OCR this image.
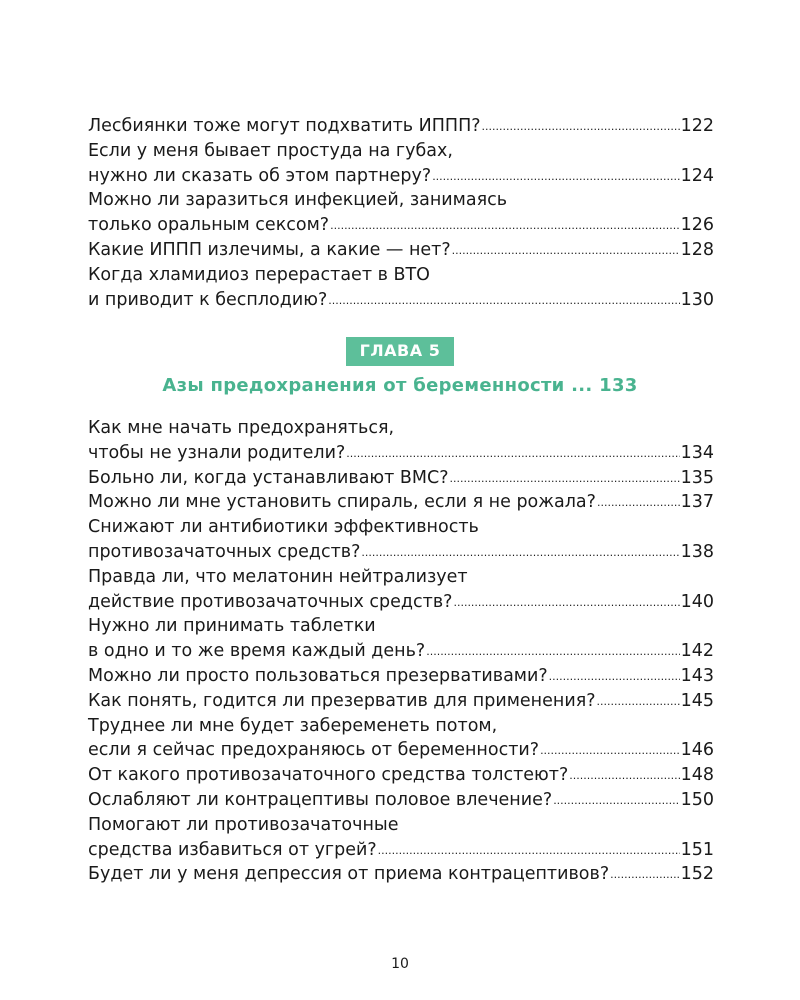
Лесбиянки тоже могут подхватить ИППП? .....	122
Если у меня бывает простуда на губах,
нужно ли сказать об этом партнеру? .....	124
Можно ли заразиться инфекцией, занимаясь
только оральным сексом? .....	126
Какие ИППП излечимы, а какие — нет? .....	128
Когда хламидиоз перерастает в ВТО
и приводит к бесплодию? .....	130
ГЛАВА 5
Азы предохранения от беременности ... 133
Как мне начать предохраняться,
чтобы не узнали родители? .....	134
Больно ли, когда устанавливают ВМС? .....	135
Можно ли мне установить спираль, если я не рожала? .....	137
Снижают ли антибиотики эффективность
противозачаточных средств? .....	138
Правда ли, что мелатонин нейтрализует
действие противозачаточных средств? .....	140
Нужно ли принимать таблетки
в одно и то же время каждый день? .....	142
Можно ли просто пользоваться презервативами? .....	143
Как понять, годится ли презерватив для применения? .....	145
Труднее ли мне будет забеременеть потом,
если я сейчас предохраняюсь от беременности? .....	146
От какого противозачаточного средства толстеют? .....	148
Ослабляют ли контрацептивы половое влечение? .....	150
Помогают ли противозачаточные
средства избавиться от угрей? .....	151
Будет ли у меня депрессия от приема контрацептивов? .....	152
10
